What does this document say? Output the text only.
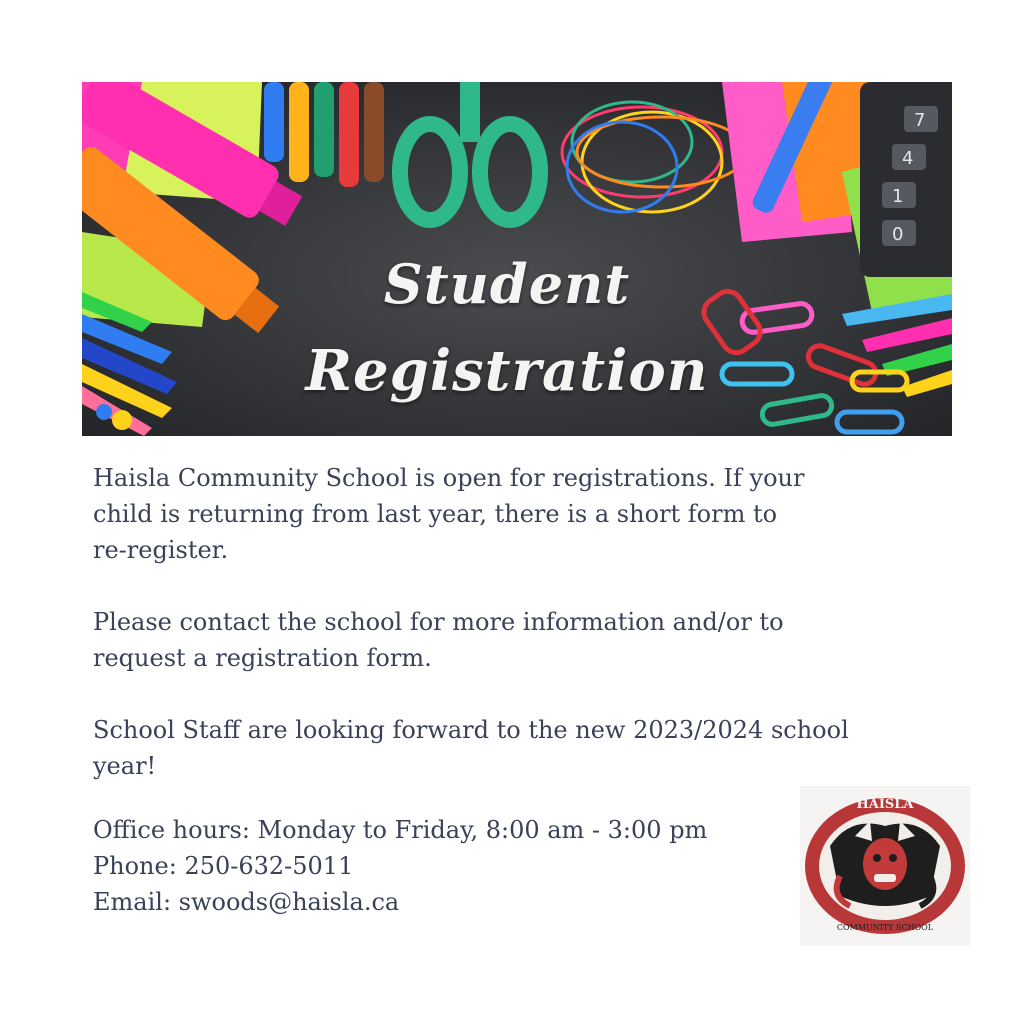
7
4
1
0
Student
Registration

Haisla Community School is open for registrations. If your

child is returning from last year, there is a short form to

re-register.

Please contact the school for more information and/or to

request a registration form.

School Staff are looking forward to the new 2023/2024 school

year!

Office hours: Monday to Friday, 8:00 am - 3:00 pm
Phone: 250-632-5011
Email: swoods@haisla.ca
HAISLA
COMMUNITY SCHOOL
